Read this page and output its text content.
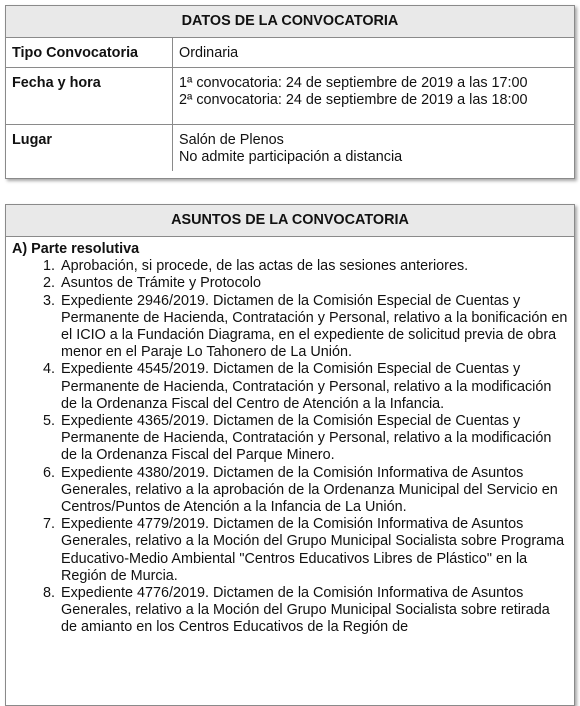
DATOS DE LA CONVOCATORIA
Tipo Convocatoria	Ordinaria

Fecha y hora	1ª convocatoria: 24 de septiembre de 2019 a las 17:00
2ª convocatoria: 24 de septiembre de 2019 a las 18:00

Lugar	Salón de Plenos
No admite participación a distancia
ASUNTOS DE LA CONVOCATORIA
A) Parte resolutiva
1. Aprobación, si procede, de las actas de las sesiones anteriores.
2. Asuntos de Trámite y Protocolo
3. Expediente 2946/2019. Dictamen de la Comisión Especial de Cuentas y Permanente de Hacienda, Contratación y Personal, relativo a la bonificación en el ICIO a la Fundación Diagrama, en el expediente de solicitud previa de obra menor en el Paraje Lo Tahonero de La Unión.
4. Expediente 4545/2019. Dictamen de la Comisión Especial de Cuentas y Permanente de Hacienda, Contratación y Personal, relativo a la modificación de la Ordenanza Fiscal del Centro de Atención a la Infancia.
5. Expediente 4365/2019. Dictamen de la Comisión Especial de Cuentas y Permanente de Hacienda, Contratación y Personal, relativo a la modificación de la Ordenanza Fiscal del Parque Minero.
6. Expediente 4380/2019. Dictamen de la Comisión Informativa de Asuntos Generales, relativo a la aprobación de la Ordenanza Municipal del Servicio en Centros/Puntos de Atención a la Infancia de La Unión.
7. Expediente 4779/2019. Dictamen de la Comisión Informativa de Asuntos Generales, relativo a la Moción del Grupo Municipal Socialista sobre Programa Educativo-Medio Ambiental "Centros Educativos Libres de Plástico" en la Región de Murcia.
8. Expediente 4776/2019. Dictamen de la Comisión Informativa de Asuntos Generales, relativo a la Moción del Grupo Municipal Socialista sobre retirada de amianto en los Centros Educativos de la Región de
